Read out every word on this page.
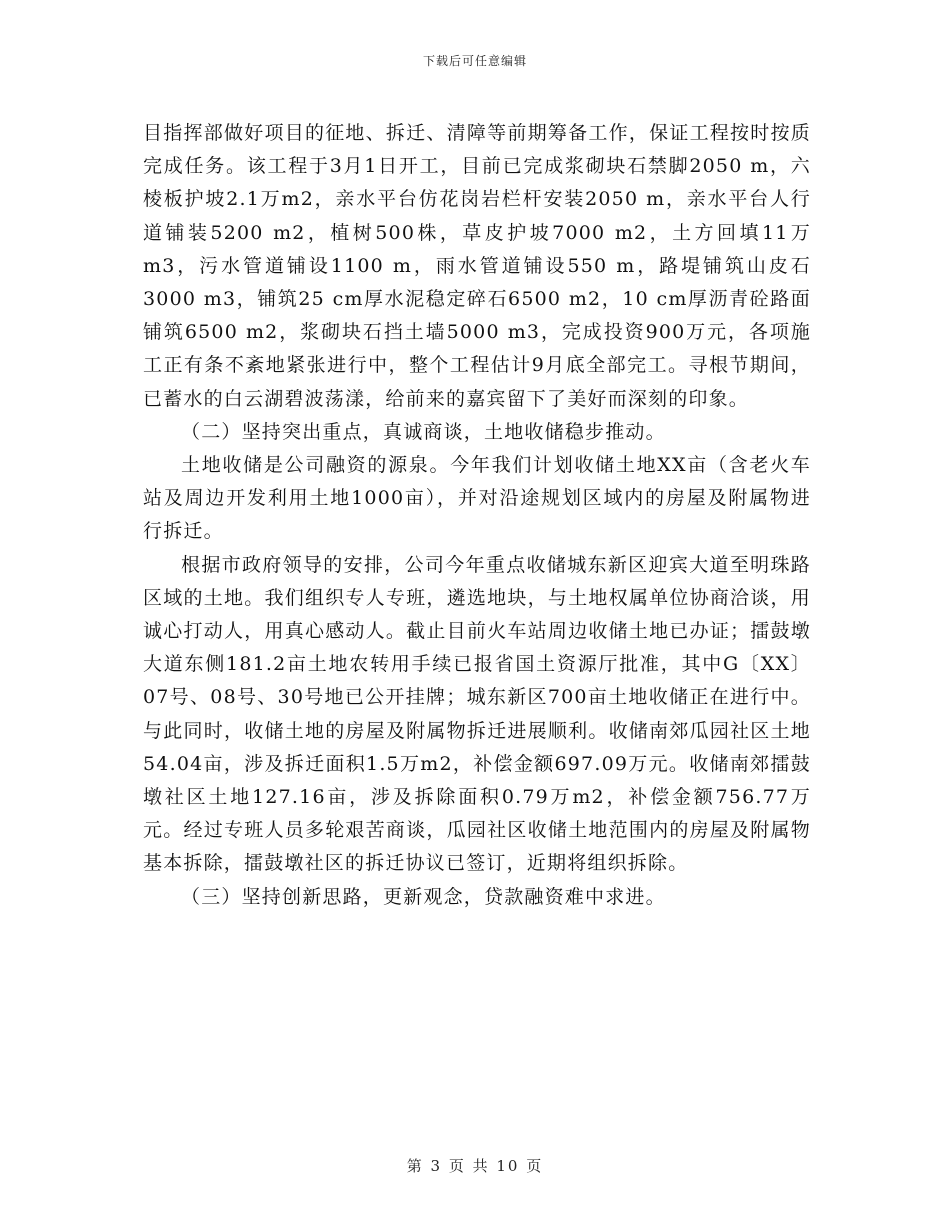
下载后可任意编辑

目指挥部做好项目的征地、拆迁、清障等前期筹备工作，保证工程按时按质完成任务。该工程于3月1日开工，目前已完成浆砌块石禁脚2050 m，六棱板护坡2.1万m2，亲水平台仿花岗岩栏杆安装2050 m，亲水平台人行道铺装5200 m2，植树500株，草皮护坡7000 m2，土方回填11万m3，污水管道铺设1100 m，雨水管道铺设550 m，路堤铺筑山皮石3000 m3，铺筑25 cm厚水泥稳定碎石6500 m2，10 cm厚沥青砼路面铺筑6500 m2，浆砌块石挡土墙5000 m3，完成投资900万元，各项施工正有条不紊地紧张进行中，整个工程估计9月底全部完工。寻根节期间，已蓄水的白云湖碧波荡漾，给前来的嘉宾留下了美好而深刻的印象。

（二）坚持突出重点，真诚商谈，土地收储稳步推动。

土地收储是公司融资的源泉。今年我们计划收储土地XX亩（含老火车站及周边开发利用土地1000亩），并对沿途规划区域内的房屋及附属物进行拆迁。

根据市政府领导的安排，公司今年重点收储城东新区迎宾大道至明珠路区域的土地。我们组织专人专班，遴选地块，与土地权属单位协商洽谈，用诚心打动人，用真心感动人。截止目前火车站周边收储土地已办证；擂鼓墩大道东侧181.2亩土地农转用手续已报省国土资源厅批准，其中G〔XX〕07号、08号、30号地已公开挂牌；城东新区700亩土地收储正在进行中。与此同时，收储土地的房屋及附属物拆迁进展顺利。收储南郊瓜园社区土地54.04亩，涉及拆迁面积1.5万m2，补偿金额697.09万元。收储南郊擂鼓墩社区土地127.16亩，涉及拆除面积0.79万m2，补偿金额756.77万元。经过专班人员多轮艰苦商谈，瓜园社区收储土地范围内的房屋及附属物基本拆除，擂鼓墩社区的拆迁协议已签订，近期将组织拆除。

（三）坚持创新思路，更新观念，贷款融资难中求进。

第 3 页 共 10 页
